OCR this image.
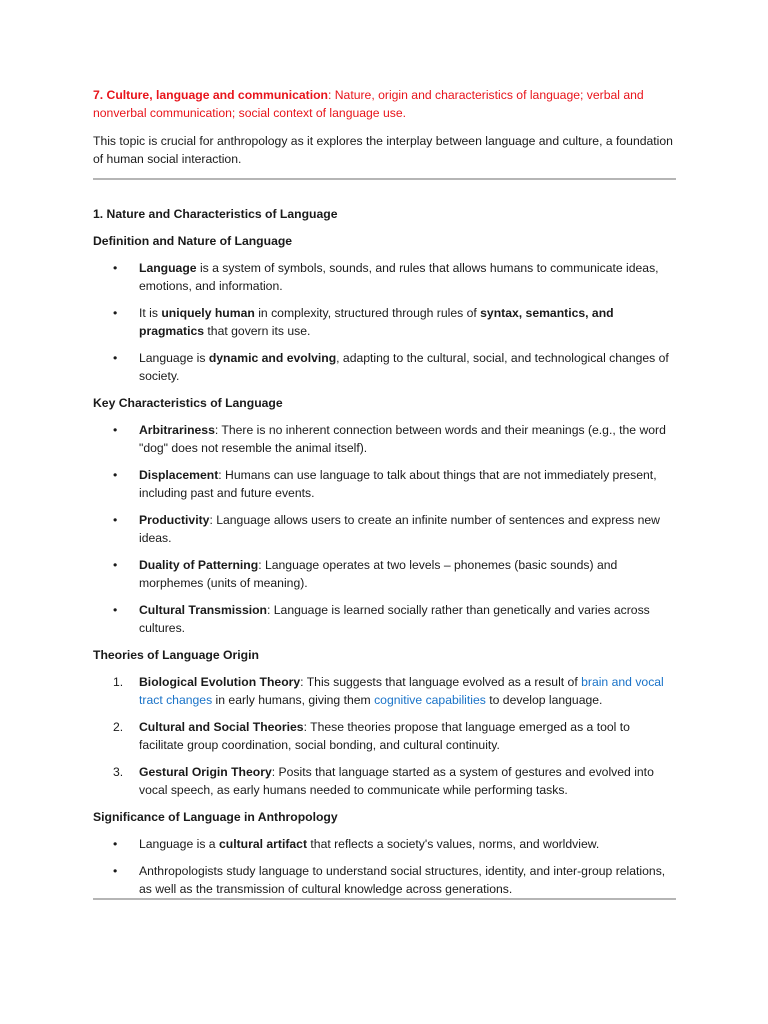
7. Culture, language and communication: Nature, origin and characteristics of language; verbal and nonverbal communication; social context of language use.

This topic is crucial for anthropology as it explores the interplay between language and culture, a foundation of human social interaction.

1. Nature and Characteristics of Language

Definition and Nature of Language

• Language is a system of symbols, sounds, and rules that allows humans to communicate ideas, emotions, and information.
• It is uniquely human in complexity, structured through rules of syntax, semantics, and pragmatics that govern its use.
• Language is dynamic and evolving, adapting to the cultural, social, and technological changes of society.

Key Characteristics of Language

• Arbitrariness: There is no inherent connection between words and their meanings (e.g., the word "dog" does not resemble the animal itself).
• Displacement: Humans can use language to talk about things that are not immediately present, including past and future events.
• Productivity: Language allows users to create an infinite number of sentences and express new ideas.
• Duality of Patterning: Language operates at two levels – phonemes (basic sounds) and morphemes (units of meaning).
• Cultural Transmission: Language is learned socially rather than genetically and varies across cultures.

Theories of Language Origin

1. Biological Evolution Theory: This suggests that language evolved as a result of brain and vocal tract changes in early humans, giving them cognitive capabilities to develop language.
2. Cultural and Social Theories: These theories propose that language emerged as a tool to facilitate group coordination, social bonding, and cultural continuity.
3. Gestural Origin Theory: Posits that language started as a system of gestures and evolved into vocal speech, as early humans needed to communicate while performing tasks.

Significance of Language in Anthropology

• Language is a cultural artifact that reflects a society's values, norms, and worldview.
• Anthropologists study language to understand social structures, identity, and inter-group relations, as well as the transmission of cultural knowledge across generations.
